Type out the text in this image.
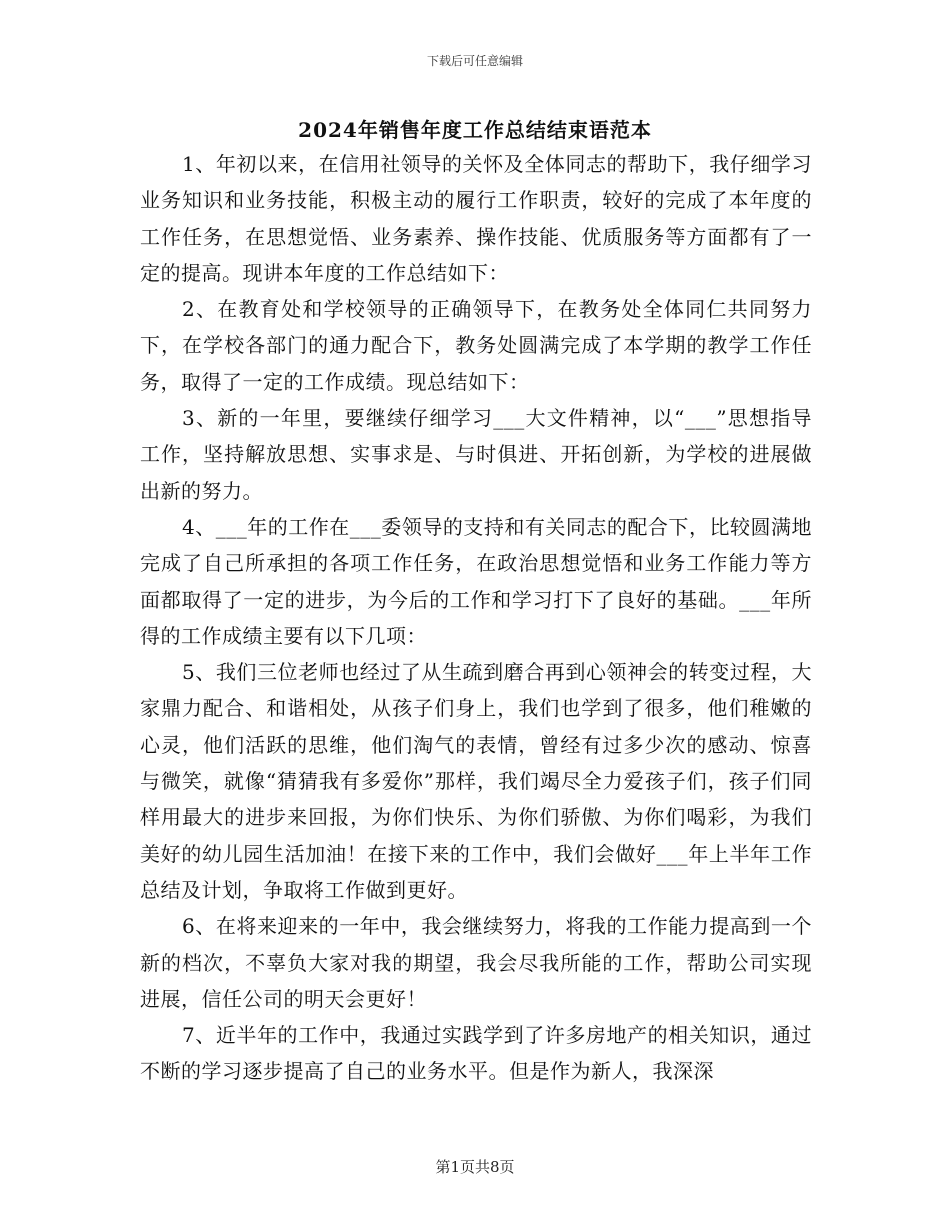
下载后可任意编辑
2024年销售年度工作总结结束语范本

1、年初以来，在信用社领导的关怀及全体同志的帮助下，我仔细学习业务知识和业务技能，积极主动的履行工作职责，较好的完成了本年度的工作任务，在思想觉悟、业务素养、操作技能、优质服务等方面都有了一定的提高。现讲本年度的工作总结如下：

2、在教育处和学校领导的正确领导下，在教务处全体同仁共同努力下，在学校各部门的通力配合下，教务处圆满完成了本学期的教学工作任务，取得了一定的工作成绩。现总结如下：

3、新的一年里，要继续仔细学习___大文件精神，以“___”思想指导工作，坚持解放思想、实事求是、与时俱进、开拓创新，为学校的进展做出新的努力。

4、___年的工作在___委领导的支持和有关同志的配合下，比较圆满地完成了自己所承担的各项工作任务，在政治思想觉悟和业务工作能力等方面都取得了一定的进步，为今后的工作和学习打下了良好的基础。___年所得的工作成绩主要有以下几项：

5、我们三位老师也经过了从生疏到磨合再到心领神会的转变过程，大家鼎力配合、和谐相处，从孩子们身上，我们也学到了很多，他们稚嫩的心灵，他们活跃的思维，他们淘气的表情，曾经有过多少次的感动、惊喜与微笑，就像“猜猜我有多爱你”那样，我们竭尽全力爱孩子们，孩子们同样用最大的进步来回报，为你们快乐、为你们骄傲、为你们喝彩，为我们美好的幼儿园生活加油！在接下来的工作中，我们会做好___年上半年工作总结及计划，争取将工作做到更好。

6、在将来迎来的一年中，我会继续努力，将我的工作能力提高到一个新的档次，不辜负大家对我的期望，我会尽我所能的工作，帮助公司实现进展，信任公司的明天会更好！

7、近半年的工作中，我通过实践学到了许多房地产的相关知识，通过不断的学习逐步提高了自己的业务水平。但是作为新人，我深深

第1页共8页
